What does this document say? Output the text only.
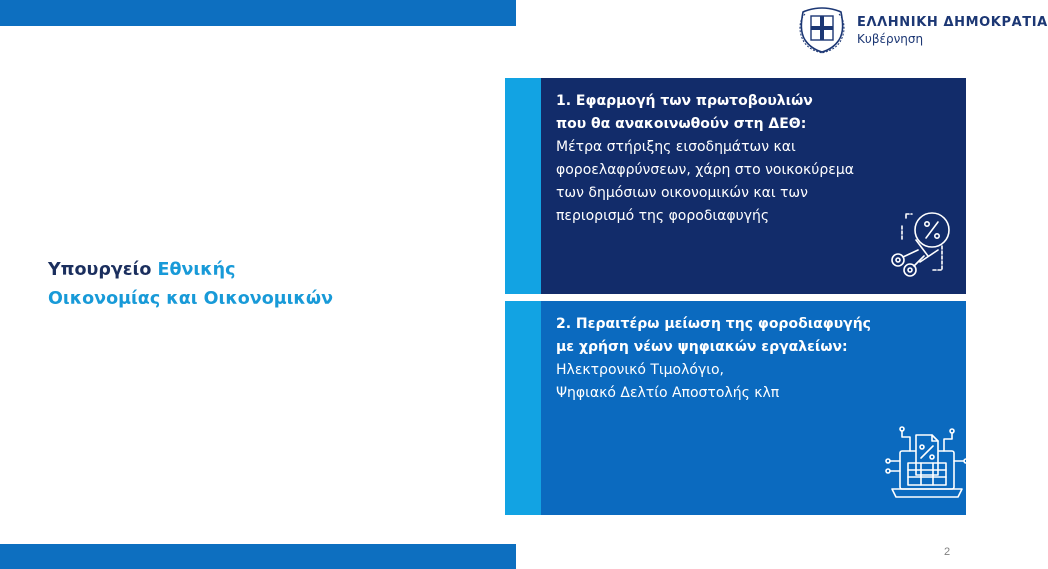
ΕΛΛΗΝΙΚΗ ΔΗΜΟΚΡΑΤΙΑ
Κυβέρνηση
Υπουργείο Εθνικής
Οικονομίας και Οικονομικών
1. Εφαρμογή των πρωτοβουλιών
που θα ανακοινωθούν στη ΔΕΘ:
Μέτρα στήριξης εισοδημάτων και
φοροελαφρύνσεων, χάρη στο νοικοκύρεμα
των δημόσιων οικονομικών και των
περιορισμό της φοροδιαφυγής
2. Περαιτέρω μείωση της φοροδιαφυγής
με χρήση νέων ψηφιακών εργαλείων:
Ηλεκτρονικό Τιμολόγιο,
Ψηφιακό Δελτίο Αποστολής κλπ
2
